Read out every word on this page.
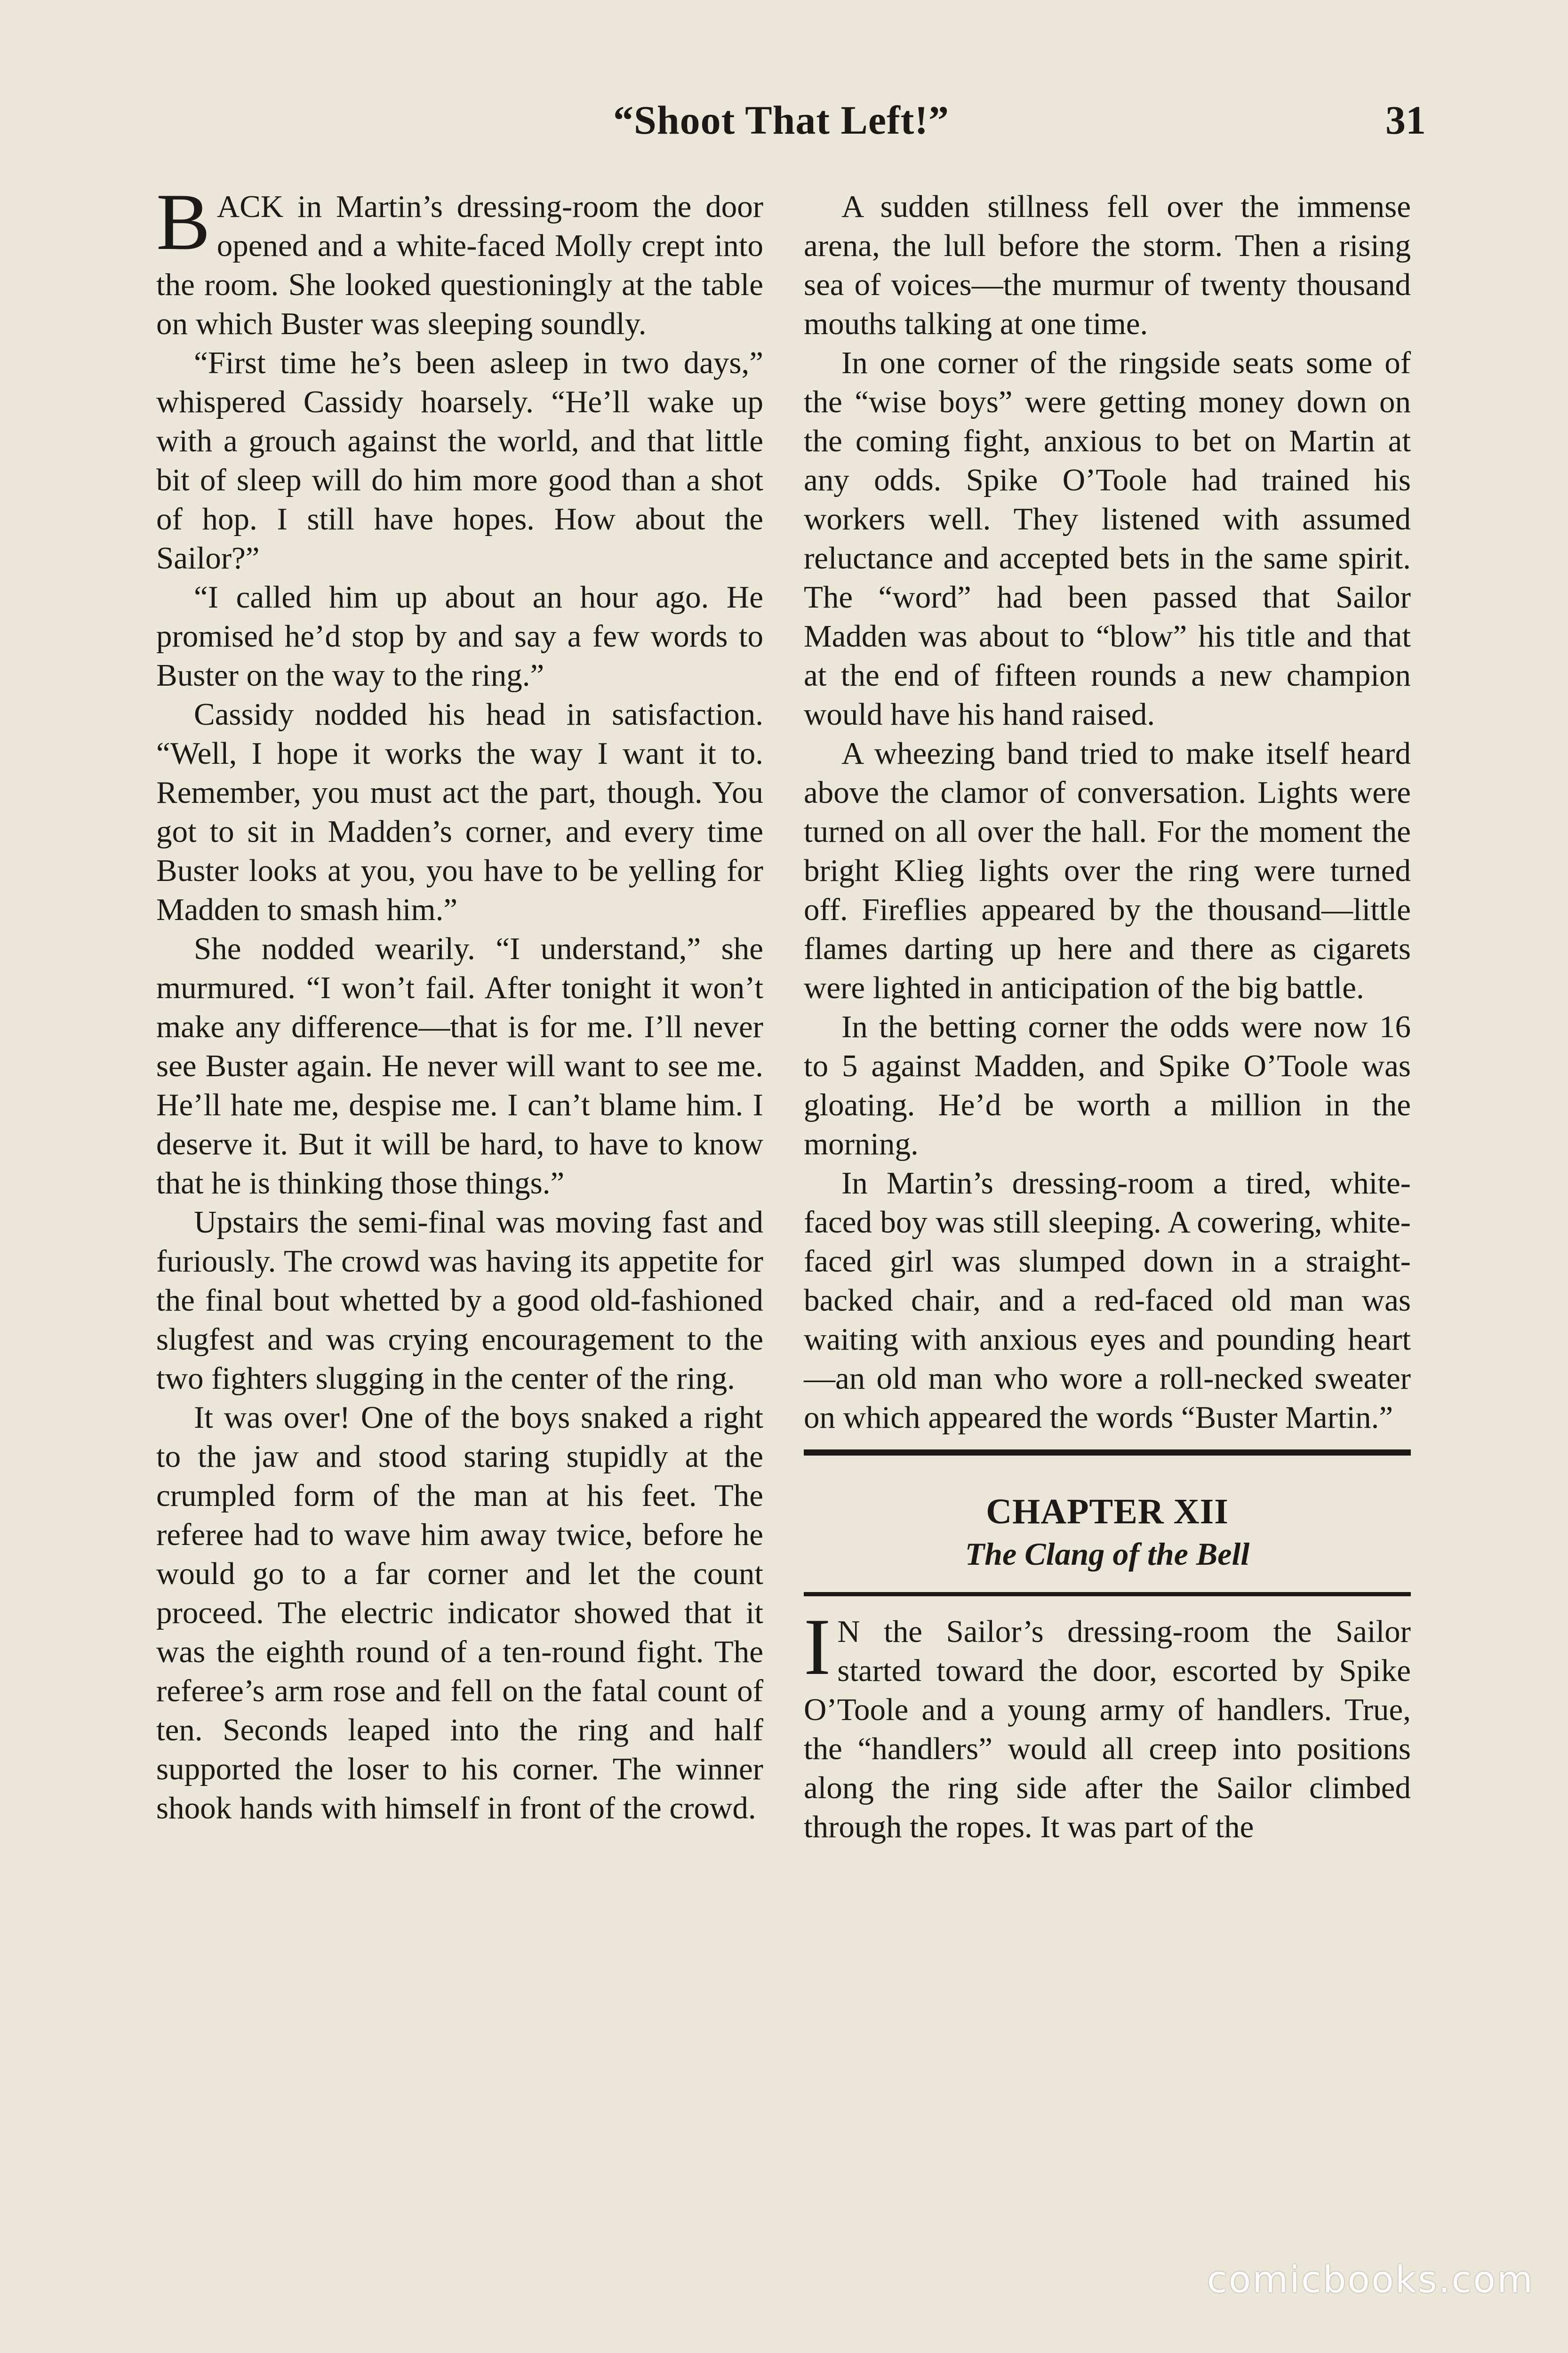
“Shoot That Left!”	31

BACK in Martin’s dressing-room the door opened and a white-faced Molly crept into the room. She looked questioningly at the table on which Buster was sleeping soundly.

“First time he’s been asleep in two days,” whispered Cassidy hoarsely. “He’ll wake up with a grouch against the world, and that little bit of sleep will do him more good than a shot of hop. I still have hopes. How about the Sailor?”

“I called him up about an hour ago. He promised he’d stop by and say a few words to Buster on the way to the ring.”

Cassidy nodded his head in satisfaction. “Well, I hope it works the way I want it to. Remember, you must act the part, though. You got to sit in Madden’s corner, and every time Buster looks at you, you have to be yelling for Madden to smash him.”

She nodded wearily. “I understand,” she murmured. “I won’t fail. After tonight it won’t make any difference—that is for me. I’ll never see Buster again. He never will want to see me. He’ll hate me, despise me. I can’t blame him. I deserve it. But it will be hard, to have to know that he is thinking those things.”

Upstairs the semi-final was moving fast and furiously. The crowd was having its appetite for the final bout whetted by a good old-fashioned slugfest and was crying encouragement to the two fighters slugging in the center of the ring.

It was over! One of the boys snaked a right to the jaw and stood staring stupidly at the crumpled form of the man at his feet. The referee had to wave him away twice, before he would go to a far corner and let the count proceed. The electric indicator showed that it was the eighth round of a ten-round fight. The referee’s arm rose and fell on the fatal count of ten. Seconds leaped into the ring and half supported the loser to his corner. The winner shook hands with himself in front of the crowd.

A sudden stillness fell over the immense arena, the lull before the storm. Then a rising sea of voices—the murmur of twenty thousand mouths talking at one time.

In one corner of the ringside seats some of the “wise boys” were getting money down on the coming fight, anxious to bet on Martin at any odds. Spike O’Toole had trained his workers well. They listened with assumed reluctance and accepted bets in the same spirit. The “word” had been passed that Sailor Madden was about to “blow” his title and that at the end of fifteen rounds a new champion would have his hand raised.

A wheezing band tried to make itself heard above the clamor of conversation. Lights were turned on all over the hall. For the moment the bright Klieg lights over the ring were turned off. Fireflies appeared by the thousand—little flames darting up here and there as cigarets were lighted in anticipation of the big battle.

In the betting corner the odds were now 16 to 5 against Madden, and Spike O’Toole was gloating. He’d be worth a million in the morning.

In Martin’s dressing-room a tired, white-faced boy was still sleeping. A cowering, white-faced girl was slumped down in a straight-backed chair, and a red-faced old man was waiting with anxious eyes and pounding heart—an old man who wore a roll-necked sweater on which appeared the words “Buster Martin.”

CHAPTER XII
The Clang of the Bell

I N the Sailor’s dressing-room the Sailor started toward the door, escorted by Spike O’Toole and a young army of handlers. True, the “handlers” would all creep into positions along the ring side after the Sailor climbed through the ropes. It was part of the

comicbooks.com
